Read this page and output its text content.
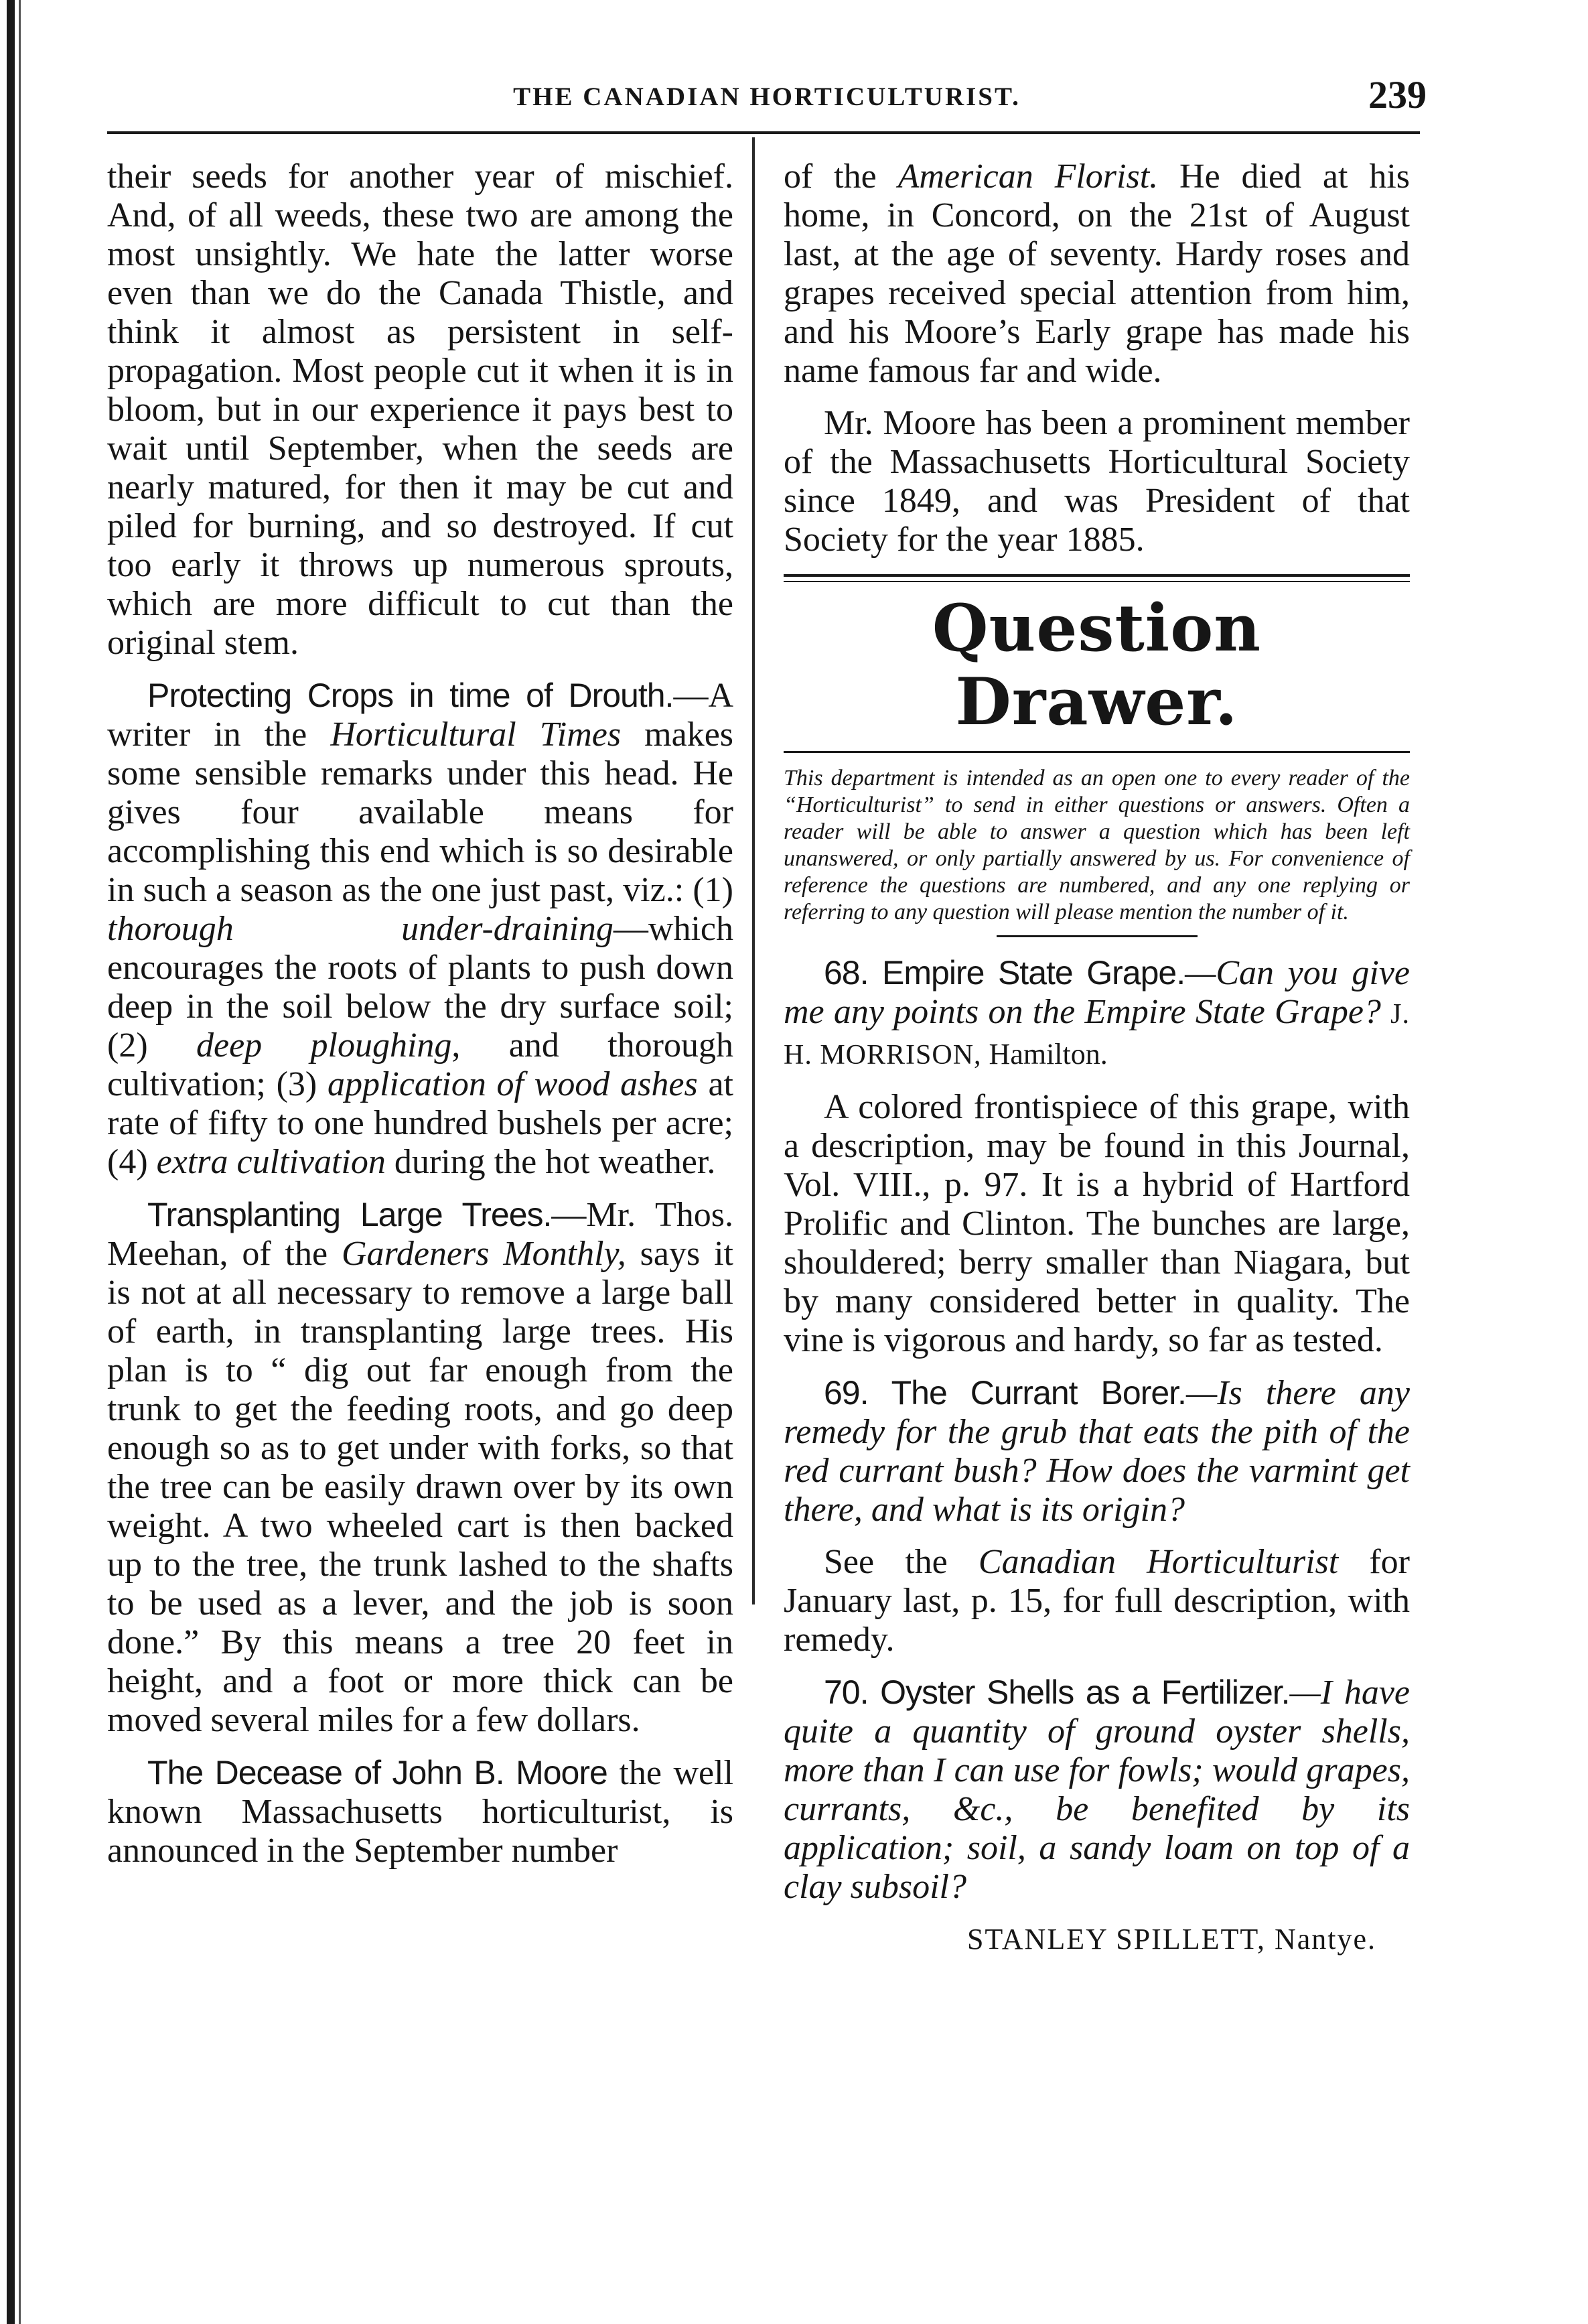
THE CANADIAN HORTICULTURIST.	239

their seeds for another year of mischief. And, of all weeds, these two are among the most unsightly. We hate the latter worse even than we do the Canada Thistle, and think it almost as persistent in self-propagation. Most people cut it when it is in bloom, but in our experience it pays best to wait until September, when the seeds are nearly matured, for then it may be cut and piled for burning, and so destroyed. If cut too early it throws up numerous sprouts, which are more difficult to cut than the original stem.

Protecting Crops in time of Drouth.—A writer in the Horticultural Times makes some sensible remarks under this head. He gives four available means for accomplishing this end which is so desirable in such a season as the one just past, viz.: (1) thorough under-draining—which encourages the roots of plants to push down deep in the soil below the dry surface soil; (2) deep ploughing, and thorough cultivation; (3) application of wood ashes at rate of fifty to one hundred bushels per acre; (4) extra cultivation during the hot weather.

Transplanting Large Trees.—Mr. Thos. Meehan, of the Gardeners Monthly, says it is not at all necessary to remove a large ball of earth, in transplanting large trees. His plan is to “ dig out far enough from the trunk to get the feeding roots, and go deep enough so as to get under with forks, so that the tree can be easily drawn over by its own weight. A two wheeled cart is then backed up to the tree, the trunk lashed to the shafts to be used as a lever, and the job is soon done.” By this means a tree 20 feet in height, and a foot or more thick can be moved several miles for a few dollars.

The Decease of John B. Moore the well known Massachusetts horticulturist, is announced in the September number

of the American Florist. He died at his home, in Concord, on the 21st of August last, at the age of seventy. Hardy roses and grapes received special attention from him, and his Moore’s Early grape has made his name famous far and wide.

Mr. Moore has been a prominent member of the Massachusetts Horticultural Society since 1849, and was President of that Society for the year 1885.

Question Drawer.
This department is intended as an open one to every reader of the “Horticulturist” to send in either questions or answers. Often a reader will be able to answer a question which has been left unanswered, or only partially answered by us. For convenience of reference the questions are numbered, and any one replying or referring to any question will please mention the number of it.

68. Empire State Grape.—Can you give me any points on the Empire State Grape? J. H. MORRISON, Hamilton.

A colored frontispiece of this grape, with a description, may be found in this Journal, Vol. VIII., p. 97. It is a hybrid of Hartford Prolific and Clinton. The bunches are large, shouldered; berry smaller than Niagara, but by many considered better in quality. The vine is vigorous and hardy, so far as tested.

69. The Currant Borer.—Is there any remedy for the grub that eats the pith of the red currant bush? How does the varmint get there, and what is its origin?

See the Canadian Horticulturist for January last, p. 15, for full description, with remedy.

70. Oyster Shells as a Fertilizer.—I have quite a quantity of ground oyster shells, more than I can use for fowls; would grapes, currants, &c., be benefited by its application; soil, a sandy loam on top of a clay subsoil?

STANLEY SPILLETT, Nantye.
